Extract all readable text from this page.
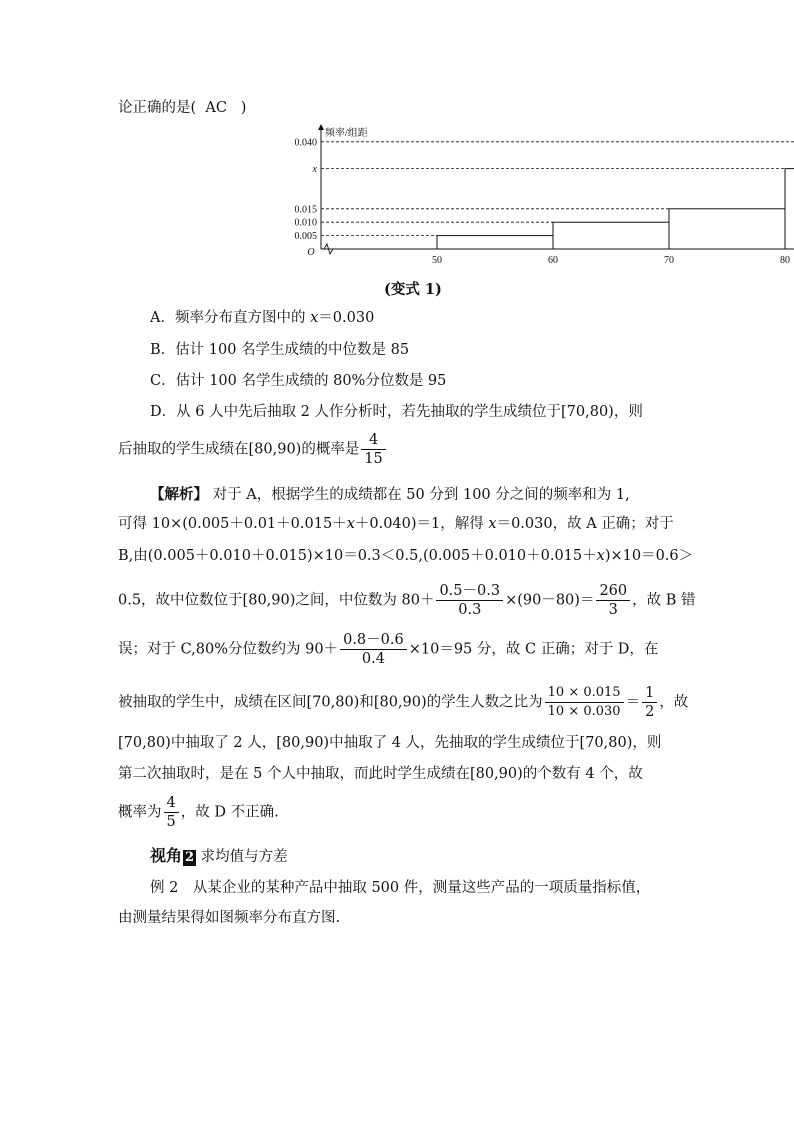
论正确的是( AC )
50	60	70	80
0.005
0.010
0.015
x
0.040
O
频率/组距
(变式 1)
A．频率分布直方图中的 x＝0.030
B．估计 100 名学生成绩的中位数是 85
C．估计 100 名学生成绩的 80%分位数是 95
D．从 6 人中先后抽取 2 人作分析时，若先抽取的学生成绩位于[70,80)，则
后抽取的学生成绩在[80,90)的概率是 $\frac{4}{15}$
【解析】 对于 A，根据学生的成绩都在 50 分到 100 分之间的频率和为 1,
可得 10×(0.005＋0.01＋0.015＋x＋0.040)＝1，解得 x＝0.030，故 A 正确；对于
B,由(0.005＋0.010＋0.015)×10＝0.3＜0.5,(0.005＋0.010＋0.015＋x)×10＝0.6＞
0.5，故中位数位于[80,90)之间，中位数为 $80+ \frac{0.5-0.3}{0.3} \times(90-80)= \frac{260}{3}$ ，故 B 错
误；对于 C,80%分位数约为 $90+ \frac{0.8-0.6}{0.4} \times 10=95$ 分，故 C 正确；对于 D，在
被抽取的学生中，成绩在区间[70,80)和[80,90)的学生人数之比为 $\frac{10 \times 0.015}{10 \times 0.030} = \frac{1}{2}$ ，故
[70,80)中抽取了 2 人，[80,90)中抽取了 4 人，先抽取的学生成绩位于[70,80)，则
第二次抽取时，是在 5 个人中抽取，而此时学生成绩在[80,90)的个数有 4 个，故
概率为 $\frac{4}{5}$ ，故 D 不正确.
视角 2 求均值与方差
例 2　从某企业的某种产品中抽取 500 件，测量这些产品的一项质量指标值，
由测量结果得如图频率分布直方图.
